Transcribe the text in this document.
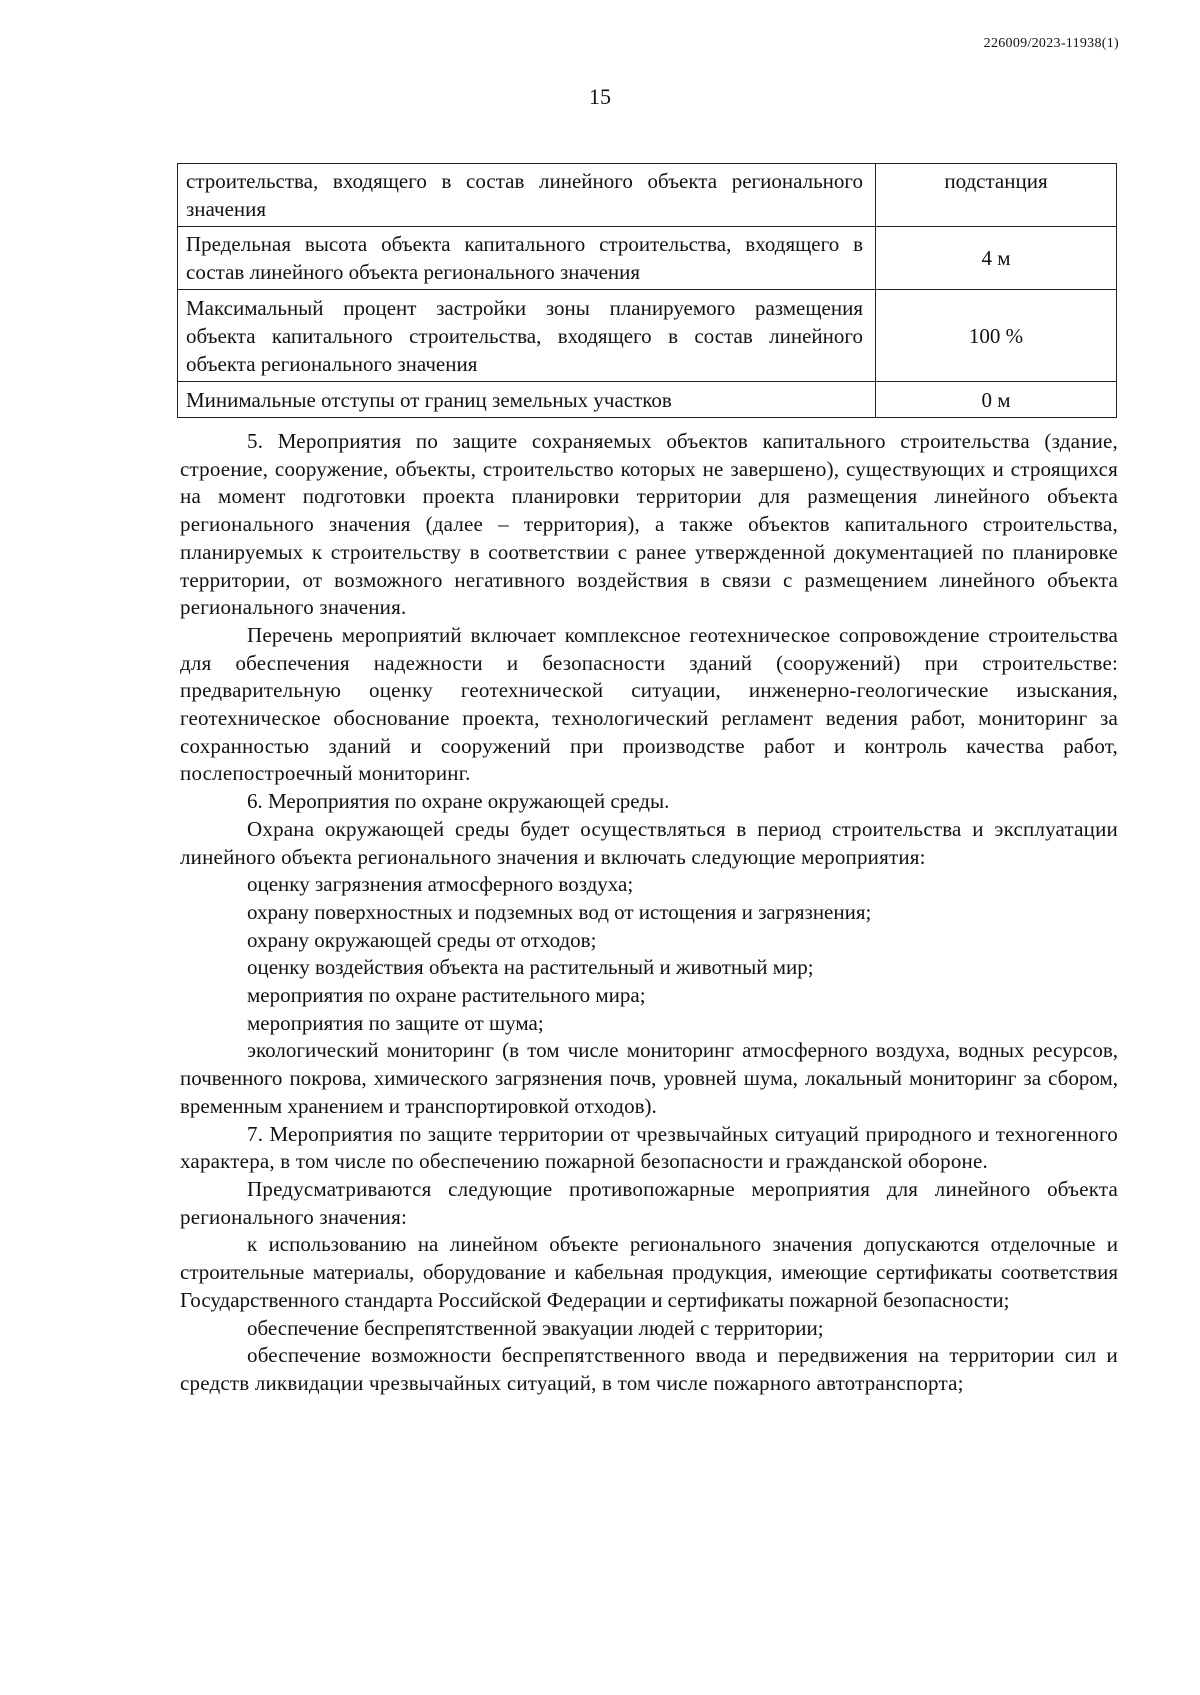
226009/2023-11938(1)
15
строительства, входящего в состав линейного объекта регионального значения	подстанция
Предельная высота объекта капитального строительства, входящего в состав линейного объекта регионального значения	4 м
Максимальный процент застройки зоны планируемого размещения объекта капитального строительства, входящего в состав линейного объекта регионального значения	100 %
Минимальные отступы от границ земельных участков	0 м

5. Мероприятия по защите сохраняемых объектов капитального строительства (здание, строение, сооружение, объекты, строительство которых не завершено), существующих и строящихся на момент подготовки проекта планировки территории для размещения линейного объекта регионального значения (далее – территория), а также объектов капитального строительства, планируемых к строительству в соответствии с ранее утвержденной документацией по планировке территории, от возможного негативного воздействия в связи с размещением линейного объекта регионального значения.

Перечень мероприятий включает комплексное геотехническое сопровождение строительства для обеспечения надежности и безопасности зданий (сооружений) при строительстве: предварительную оценку геотехнической ситуации, инженерно-геологические изыскания, геотехническое обоснование проекта, технологический регламент ведения работ, мониторинг за сохранностью зданий и сооружений при производстве работ и контроль качества работ, послепостроечный мониторинг.

6. Мероприятия по охране окружающей среды.

Охрана окружающей среды будет осуществляться в период строительства и эксплуатации линейного объекта регионального значения и включать следующие мероприятия:

оценку загрязнения атмосферного воздуха;

охрану поверхностных и подземных вод от истощения и загрязнения;

охрану окружающей среды от отходов;

оценку воздействия объекта на растительный и животный мир;

мероприятия по охране растительного мира;

мероприятия по защите от шума;

экологический мониторинг (в том числе мониторинг атмосферного воздуха, водных ресурсов, почвенного покрова, химического загрязнения почв, уровней шума, локальный мониторинг за сбором, временным хранением и транспортировкой отходов).

7. Мероприятия по защите территории от чрезвычайных ситуаций природного и техногенного характера, в том числе по обеспечению пожарной безопасности и гражданской обороне.

Предусматриваются следующие противопожарные мероприятия для линейного объекта регионального значения:

к использованию на линейном объекте регионального значения допускаются отделочные и строительные материалы, оборудование и кабельная продукция, имеющие сертификаты соответствия Государственного стандарта Российской Федерации и сертификаты пожарной безопасности;

обеспечение беспрепятственной эвакуации людей с территории;

обеспечение возможности беспрепятственного ввода и передвижения на территории сил и средств ликвидации чрезвычайных ситуаций, в том числе пожарного автотранспорта;
